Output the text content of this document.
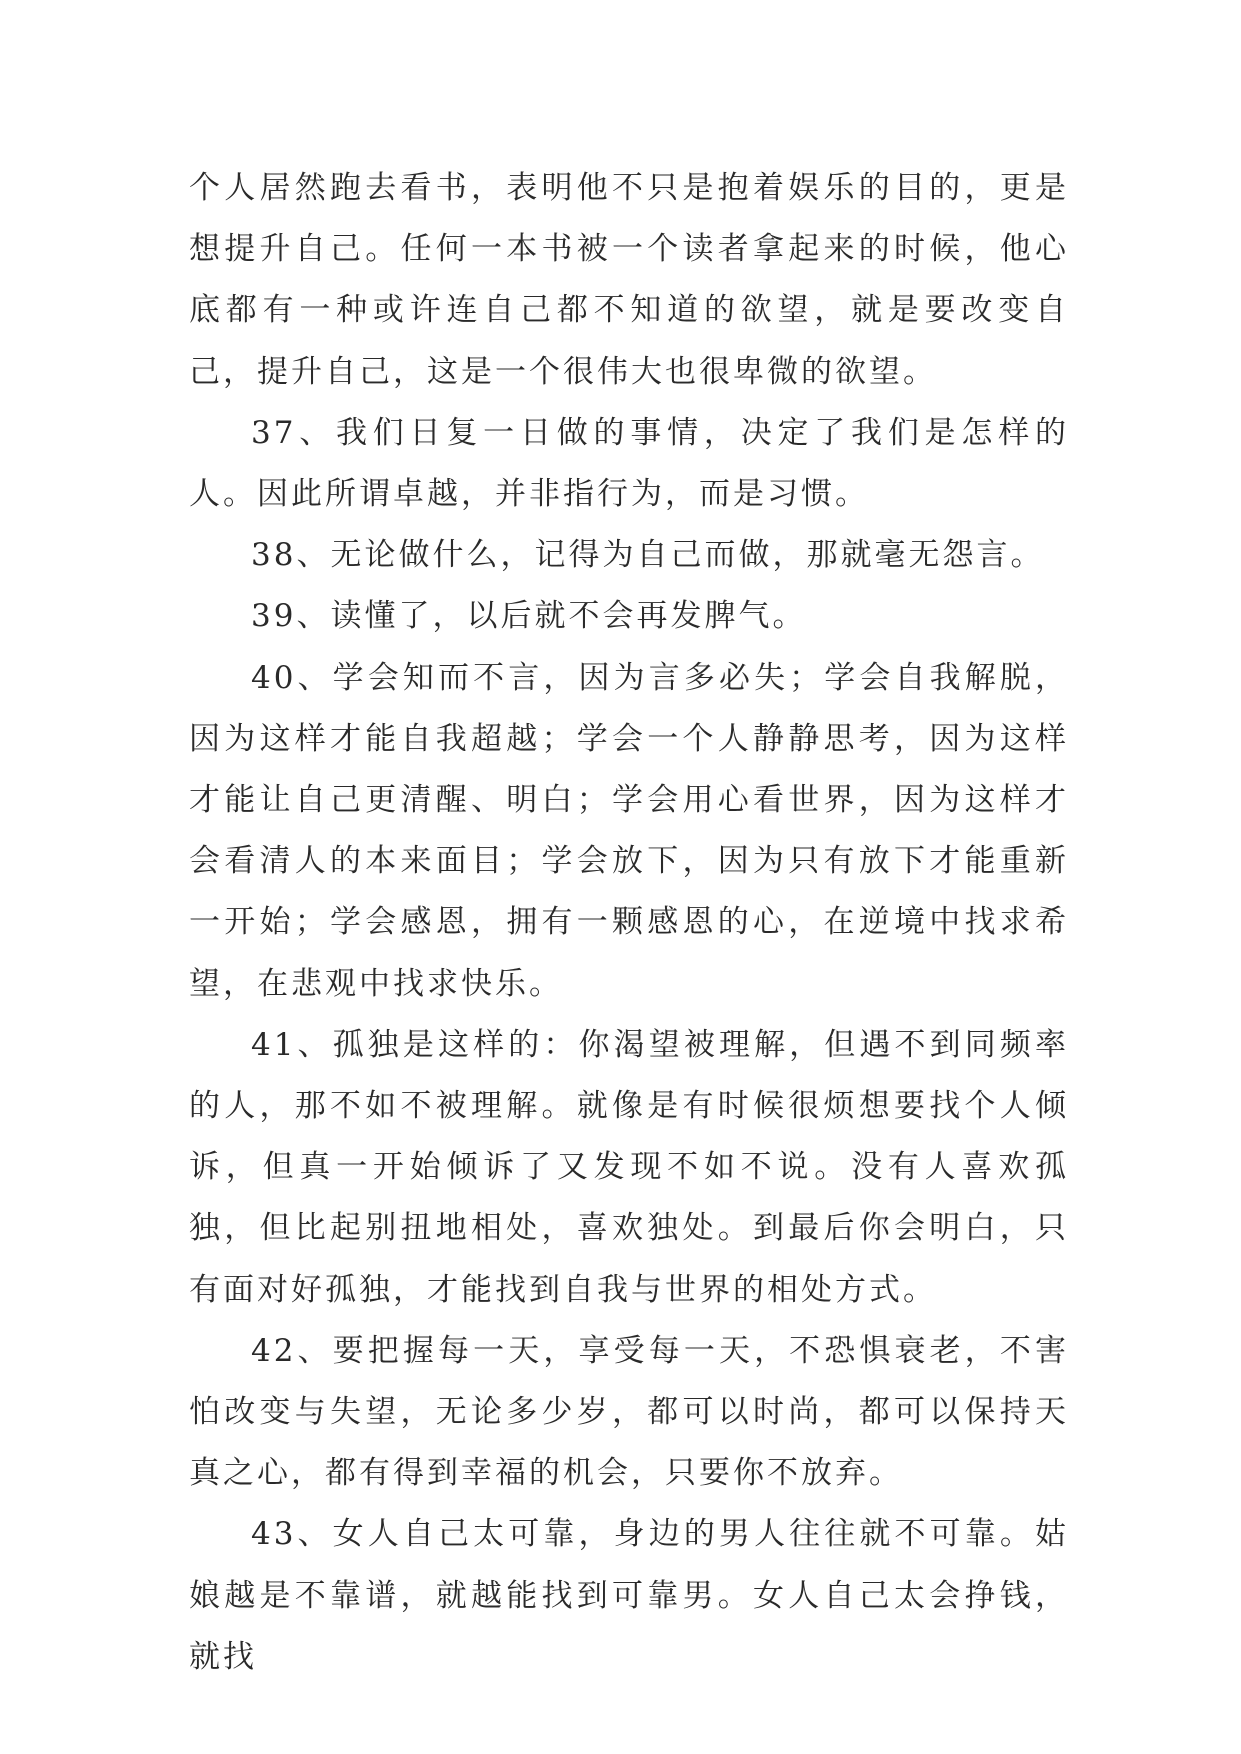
个人居然跑去看书，表明他不只是抱着娱乐的目的，更是想提升自己。任何一本书被一个读者拿起来的时候，他心底都有一种或许连自己都不知道的欲望，就是要改变自己，提升自己，这是一个很伟大也很卑微的欲望。

37、我们日复一日做的事情，决定了我们是怎样的人。因此所谓卓越，并非指行为，而是习惯。

38、无论做什么，记得为自己而做，那就毫无怨言。

39、读懂了，以后就不会再发脾气。

40、学会知而不言，因为言多必失；学会自我解脱，因为这样才能自我超越；学会一个人静静思考，因为这样才能让自己更清醒、明白；学会用心看世界，因为这样才会看清人的本来面目；学会放下，因为只有放下才能重新一开始；学会感恩，拥有一颗感恩的心，在逆境中找求希望，在悲观中找求快乐。

41、孤独是这样的：你渴望被理解，但遇不到同频率的人，那不如不被理解。就像是有时候很烦想要找个人倾诉，但真一开始倾诉了又发现不如不说。没有人喜欢孤独，但比起别扭地相处，喜欢独处。到最后你会明白，只有面对好孤独，才能找到自我与世界的相处方式。

42、要把握每一天，享受每一天，不恐惧衰老，不害怕改变与失望，无论多少岁，都可以时尚，都可以保持天真之心，都有得到幸福的机会，只要你不放弃。

43、女人自己太可靠，身边的男人往往就不可靠。姑娘越是不靠谱，就越能找到可靠男。女人自己太会挣钱，就找
